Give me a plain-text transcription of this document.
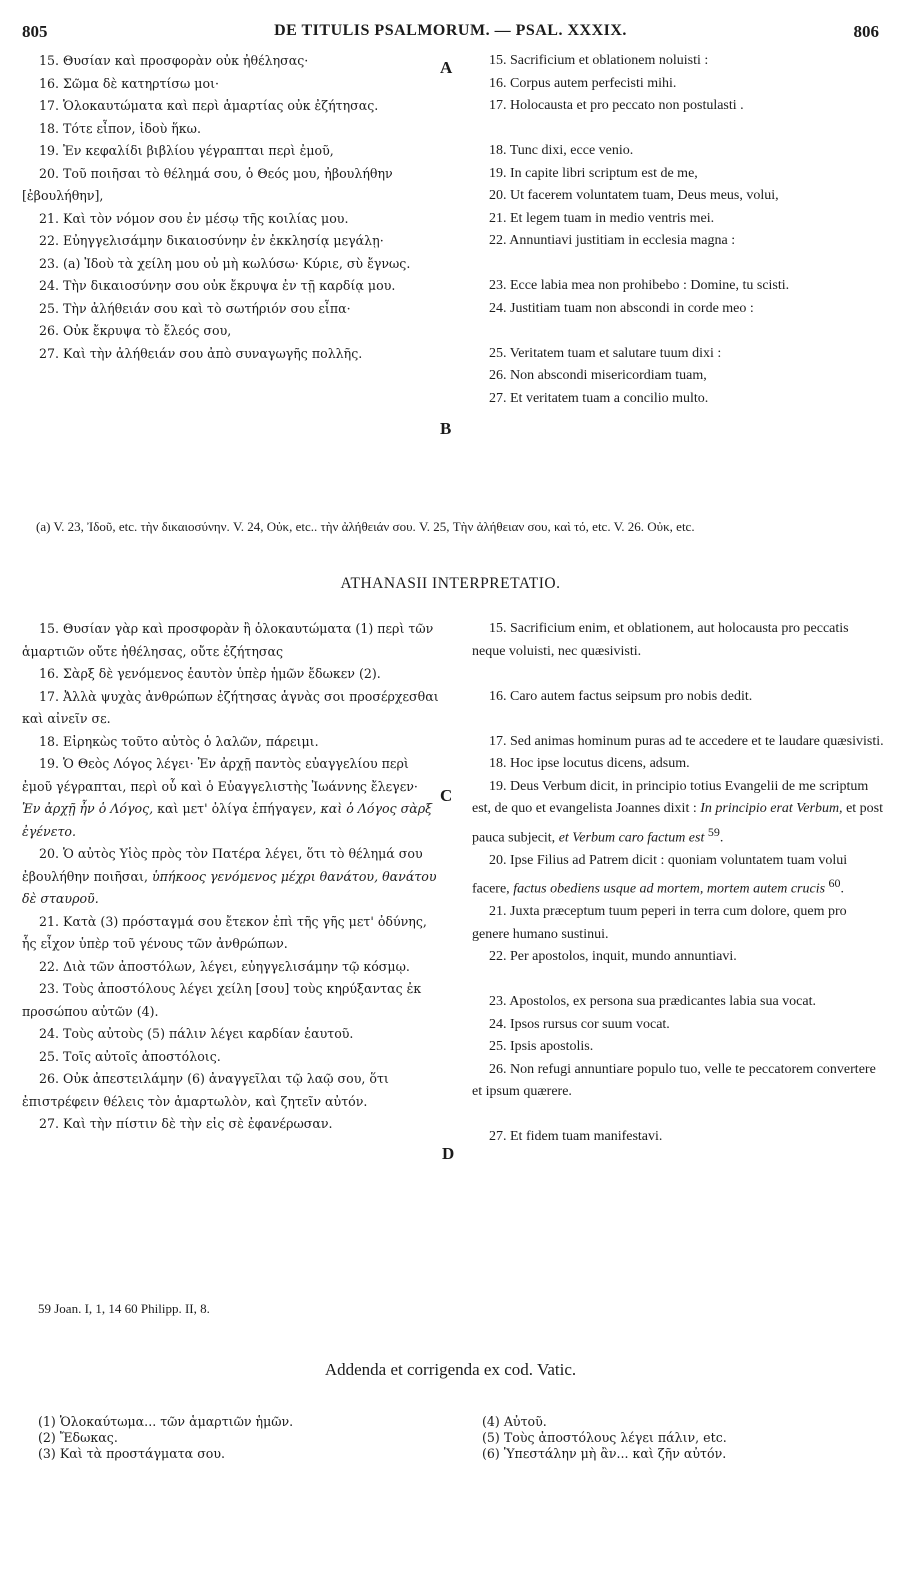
805	DE TITULIS PSALMORUM. — PSAL. XXXIX.	806
A
B
C
D

15. Θυσίαν καὶ προσφορὰν οὐκ ἠθέλησας·

16. Σῶμα δὲ κατηρτίσω μοι·

17. Ὁλοκαυτώματα καὶ περὶ ἁμαρτίας οὐκ ἐζήτησας.

18. Τότε εἶπον, ἰδοὺ ἥκω.

19. Ἐν κεφαλίδι βιβλίου γέγραπται περὶ ἐμοῦ,

20. Τοῦ ποιῆσαι τὸ θέλημά σου, ὁ Θεός μου, ἠβουλήθην [ἐβουλήθην],

21. Καὶ τὸν νόμον σου ἐν μέσῳ τῆς κοιλίας μου.

22. Εὐηγγελισάμην δικαιοσύνην ἐν ἐκκλησίᾳ μεγάλῃ·

23. (a) Ἰδοὺ τὰ χείλη μου οὐ μὴ κωλύσω· Κύριε, σὺ ἔγνως.

24. Τὴν δικαιοσύνην σου οὐκ ἔκρυψα ἐν τῇ καρδίᾳ μου.

25. Τὴν ἀλήθειάν σου καὶ τὸ σωτήριόν σου εἶπα·

26. Οὐκ ἔκρυψα τὸ ἔλεός σου,

27. Καὶ τὴν ἀλήθειάν σου ἀπὸ συναγωγῆς πολλῆς.

15. Sacrificium et oblationem noluisti :

16. Corpus autem perfecisti mihi.

17. Holocausta et pro peccato non postulasti .

18. Tunc dixi, ecce venio.

19. In capite libri scriptum est de me,

20. Ut facerem voluntatem tuam, Deus meus, volui,

21. Et legem tuam in medio ventris mei.

22. Annuntiavi justitiam in ecclesia magna :

23. Ecce labia mea non prohibebo : Domine, tu scisti.

24. Justitiam tuam non abscondi in corde meo :

25. Veritatem tuam et salutare tuum dixi :

26. Non abscondi misericordiam tuam,

27. Et veritatem tuam a concilio multo.

(a) V. 23, Ἰδοῦ, etc. τὴν δικαιοσύνην. V. 24, Οὐκ, etc.. τὴν ἀλήθειάν σου. V. 25, Τὴν ἀλήθειαν σου, καὶ τό, etc. V. 26. Οὐκ, etc.
ATHANASII INTERPRETATIO.

15. Θυσίαν γὰρ καὶ προσφορὰν ἢ ὁλοκαυτώματα (1) περὶ τῶν ἁμαρτιῶν οὔτε ἠθέλησας, οὔτε ἐζήτησας

16. Σὰρξ δὲ γενόμενος ἑαυτὸν ὑπὲρ ἡμῶν ἔδωκεν (2).

17. Ἀλλὰ ψυχὰς ἀνθρώπων ἐζήτησας ἁγνὰς σοι προσέρχεσθαι καὶ αἰνεῖν σε.

18. Εἰρηκὼς τοῦτο αὐτὸς ὁ λαλῶν, πάρειμι.

19. Ὁ Θεὸς Λόγος λέγει· Ἐν ἀρχῇ παντὸς εὐαγγελίου περὶ ἐμοῦ γέγραπται, περὶ οὗ καὶ ὁ Εὐαγγελιστὴς Ἰωάννης ἔλεγεν· Ἐν ἀρχῇ ἦν ὁ Λόγος, καὶ μετ' ὀλίγα ἐπήγαγεν, καὶ ὁ Λόγος σὰρξ ἐγένετο.

20. Ὁ αὐτὸς Υἱὸς πρὸς τὸν Πατέρα λέγει, ὅτι τὸ θέλημά σου ἐβουλήθην ποιῆσαι, ὑπήκοος γενόμενος μέχρι θανάτου, θανάτου δὲ σταυροῦ.

21. Κατὰ (3) πρόσταγμά σου ἔτεκον ἐπὶ τῆς γῆς μετ' ὀδύνης, ἧς εἶχον ὑπὲρ τοῦ γένους τῶν ἀνθρώπων.

22. Διὰ τῶν ἀποστόλων, λέγει, εὐηγγελισάμην τῷ κόσμῳ.

23. Τοὺς ἀποστόλους λέγει χείλη [σου] τοὺς κηρύξαντας ἐκ προσώπου αὐτῶν (4).

24. Τοὺς αὐτοὺς (5) πάλιν λέγει καρδίαν ἑαυτοῦ.

25. Τοῖς αὐτοῖς ἀποστόλοις.

26. Οὐκ ἀπεστειλάμην (6) ἀναγγεῖλαι τῷ λαῷ σου, ὅτι ἐπιστρέφειν θέλεις τὸν ἁμαρτωλὸν, καὶ ζητεῖν αὐτόν.

27. Καὶ τὴν πίστιν δὲ τὴν εἰς σὲ ἐφανέρωσαν.

15. Sacrificium enim, et oblationem, aut holocausta pro peccatis neque voluisti, nec quæsivisti.

16. Caro autem factus seipsum pro nobis dedit.

17. Sed animas hominum puras ad te accedere et te laudare quæsivisti.

18. Hoc ipse locutus dicens, adsum.

19. Deus Verbum dicit, in principio totius Evangelii de me scriptum est, de quo et evangelista Joannes dixit : In principio erat Verbum, et post pauca subjecit, et Verbum caro factum est $^{59}$.

20. Ipse Filius ad Patrem dicit : quoniam voluntatem tuam volui facere, factus obediens usque ad mortem, mortem autem crucis $^{60}$.

21. Juxta præceptum tuum peperi in terra cum dolore, quem pro genere humano sustinui.

22. Per apostolos, inquit, mundo annuntiavi.

23. Apostolos, ex persona sua prædicantes labia sua vocat.

24. Ipsos rursus cor suum vocat.

25. Ipsis apostolis.

26. Non refugi annuntiare populo tuo, velle te peccatorem convertere et ipsum quærere.

27. Et fidem tuam manifestavi.

59 Joan. I, 1, 14 60 Philipp. II, 8.
Addenda et corrigenda ex cod. Vatic.
(1) Ὁλοκαύτωμα... τῶν ἁμαρτιῶν ἡμῶν.
(2) Ἔδωκας.
(3) Καὶ τὰ προστάγματα σου.
(4) Αὐτοῦ.
(5) Τοὺς ἀποστόλους λέγει πάλιν, etc.
(6) Ὑπεστάλην μὴ ἂν... καὶ ζῆν αὐτόν.
